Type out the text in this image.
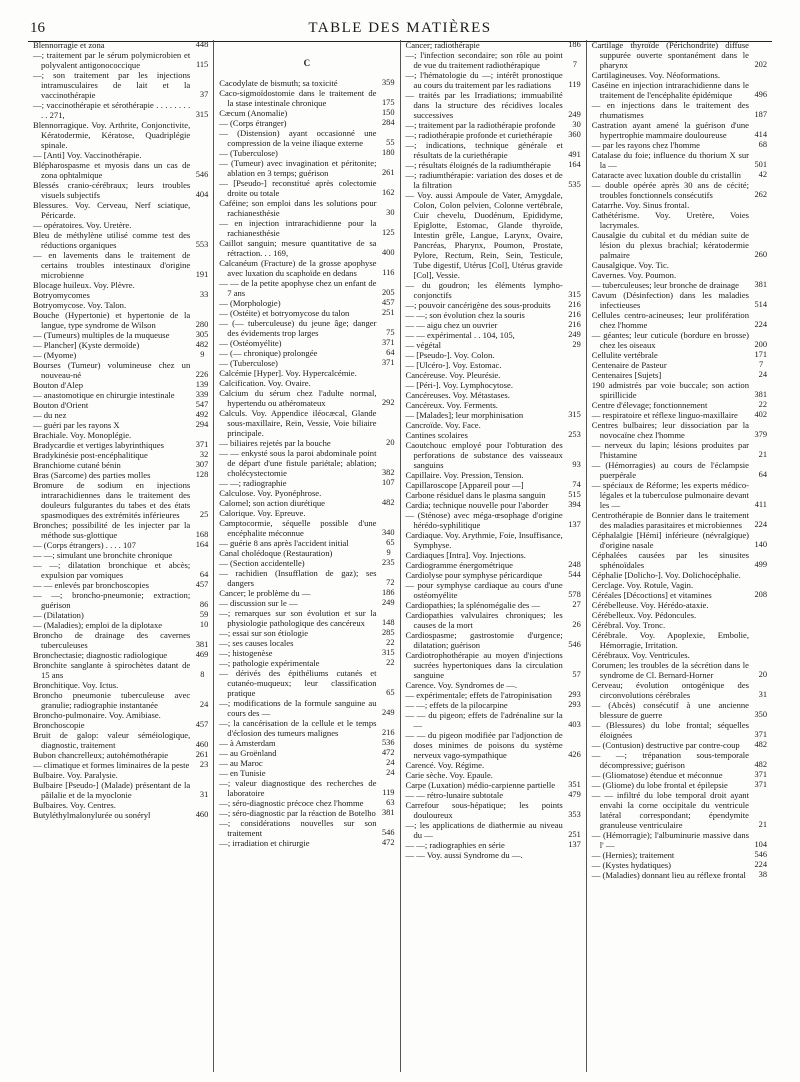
16	TABLE DES MATIÈRES

Blennorragie et zona	448

—; traitement par le sérum polymicrobien et polyvalent antigonococcique	115

—; son traitement par les injections intramusculaires de lait et la vaccinothérapie	37

—; vaccinothérapie et sérothérapie . . . . . . . . . . 271,	315

Blennorragique. Voy. Arthrite, Conjonctivite, Kératodermie, Kératose, Quadriplégie spinale.

— [Anti] Voy. Vaccinothérapie.

Blépharospasme et myosis dans un cas de zona ophtalmique	546

Blessés cranio-cérébraux; leurs troubles visuels subjectifs	404

Blessures. Voy. Cerveau, Nerf sciatique, Péricarde.

— opératoires. Voy. Uretère.

Bleu de méthylène utilisé comme test des réductions organiques	553

— en lavements dans le traitement de certains troubles intestinaux d'origine microbienne	191

Blocage huileux. Voy. Plèvre.

Botryomycomes	33

Botryomycose. Voy. Talon.

Bouche (Hypertonie) et hypertonie de la langue, type syndrome de Wilson	280

— (Tumeurs) multiples de la muqueuse	305

— Plancher] (Kyste dermoïde)	482

— (Myome)	9

Bourses (Tumeur) volumineuse chez un nouveau-né	226

Bouton d'Alep	139

— anastomotique en chirurgie intestinale	339

Bouton d'Orient	547

— du nez	492

— guéri par les rayons X	294

Brachiale. Voy. Monoplégie.

Bradycardie et vertiges labyrinthiques	371

Bradykinésie post-encéphalitique	32

Branchiome cutané bénin	307

Bras (Sarcome) des parties molles	128

Bromure de sodium en injections intrarachidiennes dans le traitement des douleurs fulgurantes du tabes et des états spasmodiques des extrémités inférieures 25

Bronches; possibilité de les injecter par la méthode sus-glottique	168

— (Corps étrangers) . . . . 107	164

— —; simulant une bronchite chronique

— —; dilatation bronchique et abcès; expulsion par vomiques	64

— — enlevés par bronchoscopies	457

— —; broncho-pneumonie; extraction; guérison	86

— (Dilatation)	59

— (Maladies); emploi de la diplotaxe	10

Broncho de drainage des cavernes tuberculeuses	381

Bronchectasie; diagnostic radiologique	469

Bronchite sanglante à spirochètes datant de 15 ans	8

Bronchitique. Voy. Ictus.

Broncho pneumonie tuberculeuse avec granulie; radiographie instantanée	24

Broncho-pulmonaire. Voy. Amibiase.

Bronchoscopie	457

Bruit de galop: valeur séméiologique, diagnostic, traitement	460

Bubon chancrelleux; autohémothérapie	261

— climatique et formes liminaires de la peste 23

Bulbaire. Voy. Paralysie.

Bulbaire [Pseudo-] (Malade) présentant de la pâilalie et de la myoclonie	31

Bulbaires. Voy. Centres.

Butyléthylmalonylurée ou sonéryl	460

C

Cacodylate de bismuth; sa toxicité	359

Caco-sigmoïdostomie dans le traitement de la stase intestinale chronique	175

Cæcum (Anomalie)	150

— (Corps étranger)	284

— (Distension) ayant occasionné une compression de la veine iliaque externe	55

— (Tuberculose)	180

— (Tumeur) avec invagination et péritonite; ablation en 3 temps; guérison	261

— [Pseudo-] reconstitué après colectomie droite ou totale	162

Caféine; son emploi dans les solutions pour rachianesthésie	30

— en injection intrarachidienne pour la rachianesthésie	125

Caillot sanguin; mesure quantitative de sa rétraction. . . 169,	400

Calcanéum (Fracture) de la grosse apophyse avec luxation du scaphoïde en dedans	116

— — de la petite apophyse chez un enfant de 7 ans	205

— (Morphologie)	457

— (Ostéite) et botryomycose du talon	251

— (— tuberculeuse) du jeune âge; danger des évidements trop larges	75

— (Ostéomyélite)	371

— (— chronique) prolongée	64

— (Tuberculose)	371

Calcémie [Hyper]. Voy. Hypercalcémie.

Calcification. Voy. Ovaire.

Calcium du sérum chez l'adulte normal, hypertendu ou athéromateux	292

Calculs. Voy. Appendice iléocæcal, Glande sous-maxillaire, Rein, Vessie, Voie biliaire principale.

— biliaires rejetés par la bouche	20

— — enkysté sous la paroi abdominale point de départ d'une fistule pariétale; ablation; cholécystectomie	382

— —; radiographie	107

Calculose. Voy. Pyonéphrose.

Calomel; son action diurétique	482

Calorique. Voy. Epreuve.

Camptocormie, séquelle possible d'une encéphalite méconnue	340

— guérie 8 ans après l'accident initial	65

Canal cholédoque (Restauration)	9

— (Section accidentelle)	235

— rachidien (Insufflation de gaz); ses dangers	72

Cancer; le problème du —	186

— discussion sur le —	249

—; remarques sur son évolution et sur la physiologie pathologique des cancéreux 148

—; essai sur son étiologie	285

—; ses causes locales	22

—; histogenèse	315

—; pathologie expérimentale	22

— dérivés des épithéliums cutanés et cutanéo-muqueux; leur classification pratique	65

—; modifications de la formule sanguine au cours des —	249

—; la cancérisation de la cellule et le temps d'éclosion des tumeurs malignes	216

— à Amsterdam	536

— au Groënland	472

— au Maroc	24

— en Tunisie	24

—; valeur diagnostique des recherches de laboratoire	119

—; séro-diagnostic précoce chez l'homme	63

—; séro-diagnostic par la réaction de Botelho 381

—; considérations nouvelles sur son traitement	546

—; irradiation et chirurgie	472

Cancer; radiothérapie	186

—; l'infection secondaire; son rôle au point de vue du traitement radiothérapique	7

—; l'hématologie du —; intérêt pronostique au cours du traitement par les radiations 119

— traités par les Irradiations; immuabilité dans la structure des récidives locales successives	249

—; traitement par la radiothérapie profonde 30

—; radiothérapie profonde et curiethérapie 360

—; indications, technique générale et résultats de la curiethérapie	491

—; résultats éloignés de la radiumthérapie 164

—; radiumthérapie: variation des doses et de la filtration	535

— Voy. aussi Ampoule de Vater, Amygdale, Colon, Colon pelvien, Colonne vertébrale, Cuir chevelu, Duodénum, Epididyme, Epiglotte, Estomac, Glande thyroïde, Intestin grêle, Langue, Larynx, Ovaire, Pancréas, Pharynx, Poumon, Prostate, Pylore, Rectum, Rein, Sein, Testicule, Tube digestif, Utérus [Col], Utérus gravide [Col], Vessie.

— du goudron; les éléments lympho-conjonctifs	315

—; pouvoir cancérigène des sous-produits 216

— —; son évolution chez la souris	216

— — aigu chez un ouvrier	216

— — expérimental . . 104, 105,	249

— végétal	29

— [Pseudo-]. Voy. Colon.

— [Ulcéro-]. Voy. Estomac.

Cancéreuse. Voy. Pleurésie.

— [Péri-]. Voy. Lymphocytose.

Cancéreuses. Voy. Métastases.

Cancéreux. Voy. Ferments.

— [Malades]; leur morphinisation	315

Cancroïde. Voy. Face.

Cantines scolaires	253

Caoutchouc employé pour l'obturation des perforations de substance des vaisseaux sanguins	93

Capillaire. Voy. Pression, Tension.

Capillaroscope [Appareil pour —]	74

Carbone résiduel dans le plasma sanguin	515

Cardia; technique nouvelle pour l'aborder 394

— (Sténose) avec méga-œsophage d'origine hérédo-syphilitique	137

Cardiaque. Voy. Arythmie, Foie, Insuffisance, Symphyse.

Cardiaques [Intra]. Voy. Injections.

Cardiogramme énergométrique	248

Cardiolyse pour symphyse péricardique	544

— pour symphyse cardiaque au cours d'une ostéomyélite	578

Cardiopathies; la splénomégalie des —	27

Cardiopathies valvulaires chroniques; les causes de la mort	26

Cardiospasme; gastrostomie d'urgence; dilatation; guérison	546

Cardiotrophothérapie au moyen d'injections sucrées hypertoniques dans la circulation sanguine	57

Carence. Voy. Syndromes de —.

— expérimentale; effets de l'atropinisation 293

— —; effets de la pilocarpine	293

— — du pigeon; effets de l'adrénaline sur la —	403

— — du pigeon modifiée par l'adjonction de doses minimes de poisons du système nerveux vago-sympathique	426

Carencé. Voy. Régime.

Carie sèche. Voy. Epaule.

Carpe (Luxation) médio-carpienne partielle 351

— — rétro-lunaire subtotale	479

Carrefour sous-hépatique; les points douloureux	353

—; les applications de diathermie au niveau du —	251

— —; radiographies en série	137

— — Voy. aussi Syndrome du —.

Cartilage thyroïde (Périchondrite) diffuse suppurée ouverte spontanément dans le pharynx	202

Cartilagineuses. Voy. Néoformations.

Caséine en injection intrarachidienne dans le traitement de l'encéphalite épidémique	496

— en injections dans le traitement des rhumatismes	187

Castration ayant amené la guérison d'une hypertrophie mammaire douloureuse	414

— par les rayons chez l'homme	68

Catalase du foie; influence du thorium X sur la —	501

Cataracte avec luxation double du cristallin 42

— double opérée après 30 ans de cécité; troubles fonctionnels consécutifs	262

Catarrhe. Voy. Sinus frontal.

Cathétérisme. Voy. Uretère, Voies lacrymales.

Causalgie du cubital et du médian suite de lésion du plexus brachial; kératodermie palmaire	260

Causalgique. Voy. Tic.

Cavernes. Voy. Poumon.

— tuberculeuses; leur bronche de drainage 381

Cavum (Désinfection) dans les maladies infectieuses	514

Cellules centro-acineuses; leur prolifération chez l'homme	224

— géantes; leur cuticule (bordure en brosse) chez les oiseaux	200

Cellulite vertébrale	171

Centenaire de Pasteur	7

Centenaires [Sujets]	24

190 admistrés par voie buccale; son action spirillicide	381

Centre d'élevage; fonctionnement	22

— respiratoire et réflexe linguo-maxillaire 402

Centres bulbaires; leur dissociation par la novocaïne chez l'homme	379

— nerveux du lapin; lésions produites par l'histamine	21

— (Hémorragies) au cours de l'éclampsie puerpérale	64

— spéciaux de Réforme; les experts médico-légales et la tuberculose pulmonaire devant les —	411

Centrothérapie de Bonnier dans le traitement des maladies parasitaires et microbiennes 224

Céphalalgie [Hémi] inférieure (névralgique) d'origine nasale	140

Céphalées causées par les sinusites sphénoïdales	499

Céphalie [Dolicho-]. Voy. Dolichocéphalie.

Cerclage. Voy. Rotule, Vagin.

Céréales [Décoctions] et vitamines	208

Cérébelleuse. Voy. Hérédo-ataxie.

Cérébelleux. Voy. Pédoncules.

Cérébral. Voy. Tronc.

Cérébrale. Voy. Apoplexie, Embolie, Hémorragie, Irritation.

Cérébraux. Voy. Ventricules.

Corumen; les troubles de la sécrétion dans le syndrome de Cl. Bernard-Horner	20

Cerveau; évolution ontogénique des circonvolutions cérébrales	31

— (Abcès) consécutif à une ancienne blessure de guerre	350

— (Blessures) du lobe frontal; séquelles éloignées	371

— (Contusion) destructive par contre-coup 482

— —; trépanation sous-temporale décompressive; guérison	482

— (Gliomatose) étendue et méconnue	371

— (Gliome) du lobe frontal et épilepsie	371

— — infiltré du lobe temporal droit ayant envahi la corne occipitale du ventricule latéral correspondant; épendymite granuleuse ventriculaire	21

— (Hémorragie); l'albuminurie massive dans l' —	104

— (Hernies); traitement	546

— (Kystes hydatiques)	224

— (Maladies) donnant lieu au réflexe frontal 38
